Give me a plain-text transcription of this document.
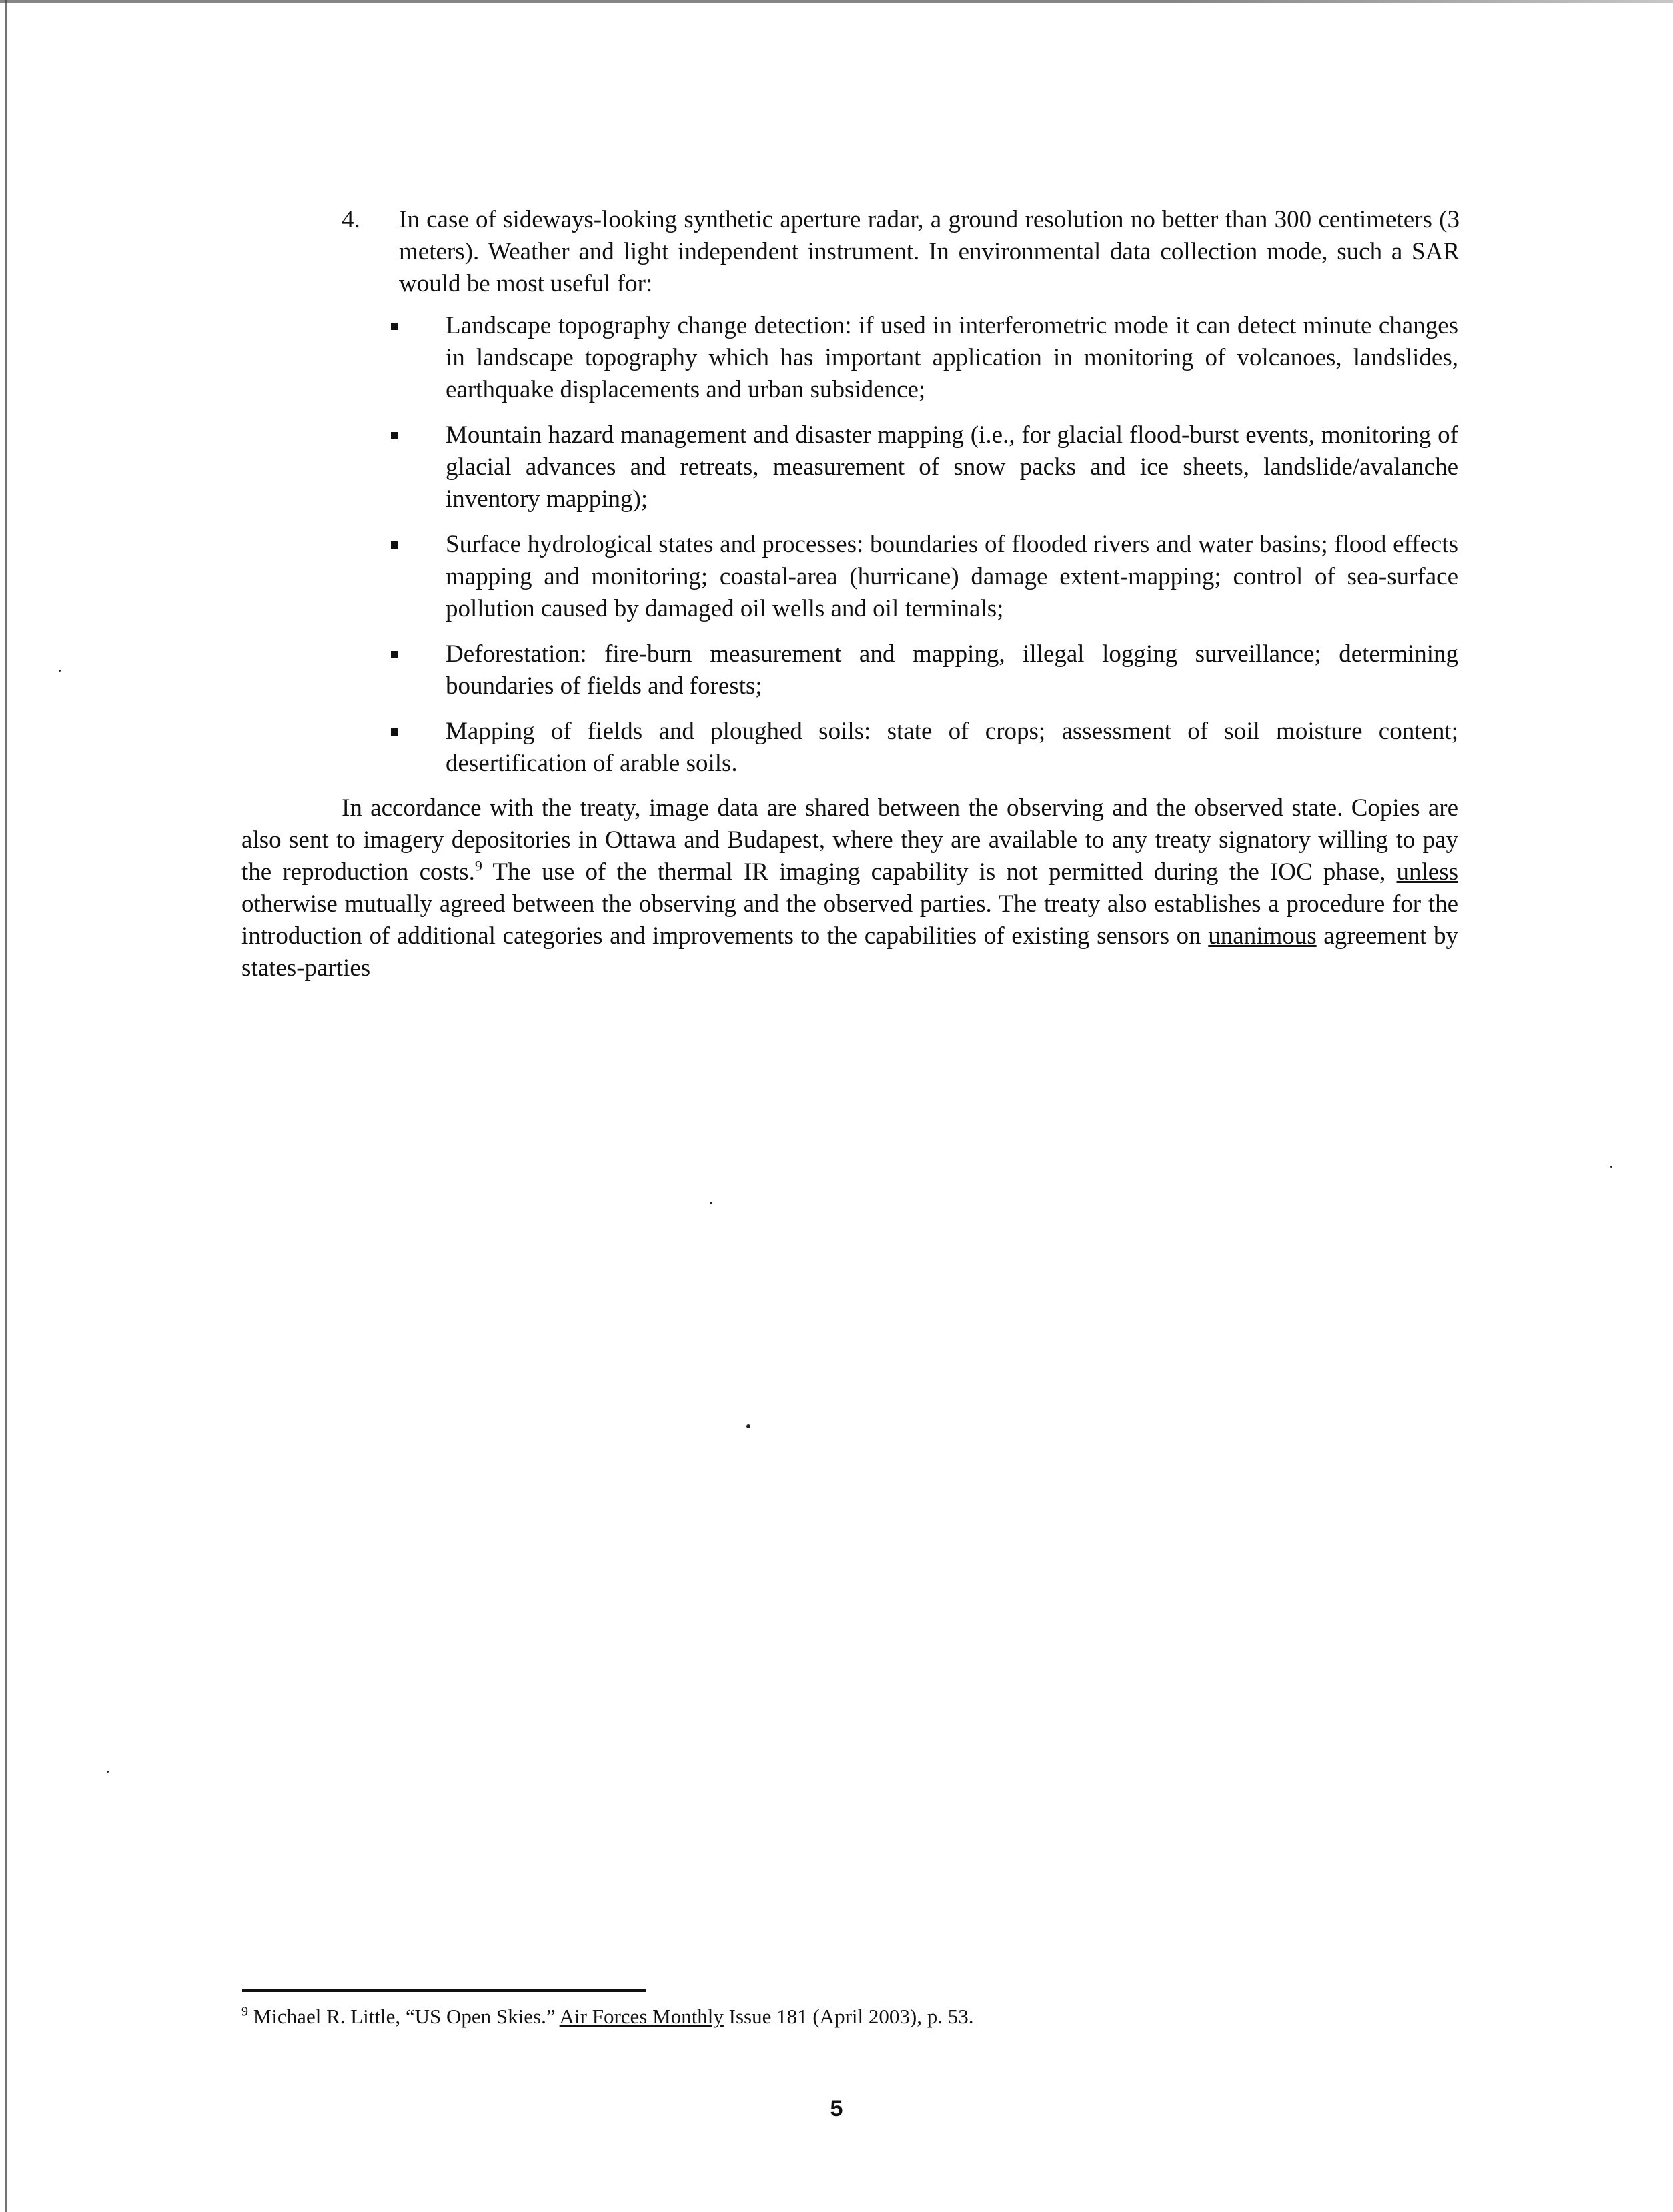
4.	In case of sideways-looking synthetic aperture radar, a ground resolution no better than 300 centimeters (3 meters). Weather and light independent instrument. In environmental data collection mode, such a SAR would be most useful for:
Landscape topography change detection: if used in interferometric mode it can detect minute changes in landscape topography which has important application in monitoring of volcanoes, landslides, earthquake displacements and urban subsidence;
Mountain hazard management and disaster mapping (i.e., for glacial flood-burst events, monitoring of glacial advances and retreats, measurement of snow packs and ice sheets, landslide/avalanche inventory mapping);
Surface hydrological states and processes: boundaries of flooded rivers and water basins; flood effects mapping and monitoring; coastal-area (hurricane) damage extent-mapping; control of sea-surface pollution caused by damaged oil wells and oil terminals;
Deforestation: fire-burn measurement and mapping, illegal logging surveillance; determining boundaries of fields and forests;
Mapping of fields and ploughed soils: state of crops; assessment of soil moisture content; desertification of arable soils.
In accordance with the treaty, image data are shared between the observing and the observed state. Copies are also sent to imagery depositories in Ottawa and Budapest, where they are available to any treaty signatory willing to pay the reproduction costs.$^9$ The use of the thermal IR imaging capability is not permitted during the IOC phase, unless otherwise mutually agreed between the observing and the observed parties. The treaty also establishes a procedure for the introduction of additional categories and improvements to the capabilities of existing sensors on unanimous agreement by states-parties
$^9$ Michael R. Little, “US Open Skies.” Air Forces Monthly Issue 181 (April 2003), p. 53.
5
